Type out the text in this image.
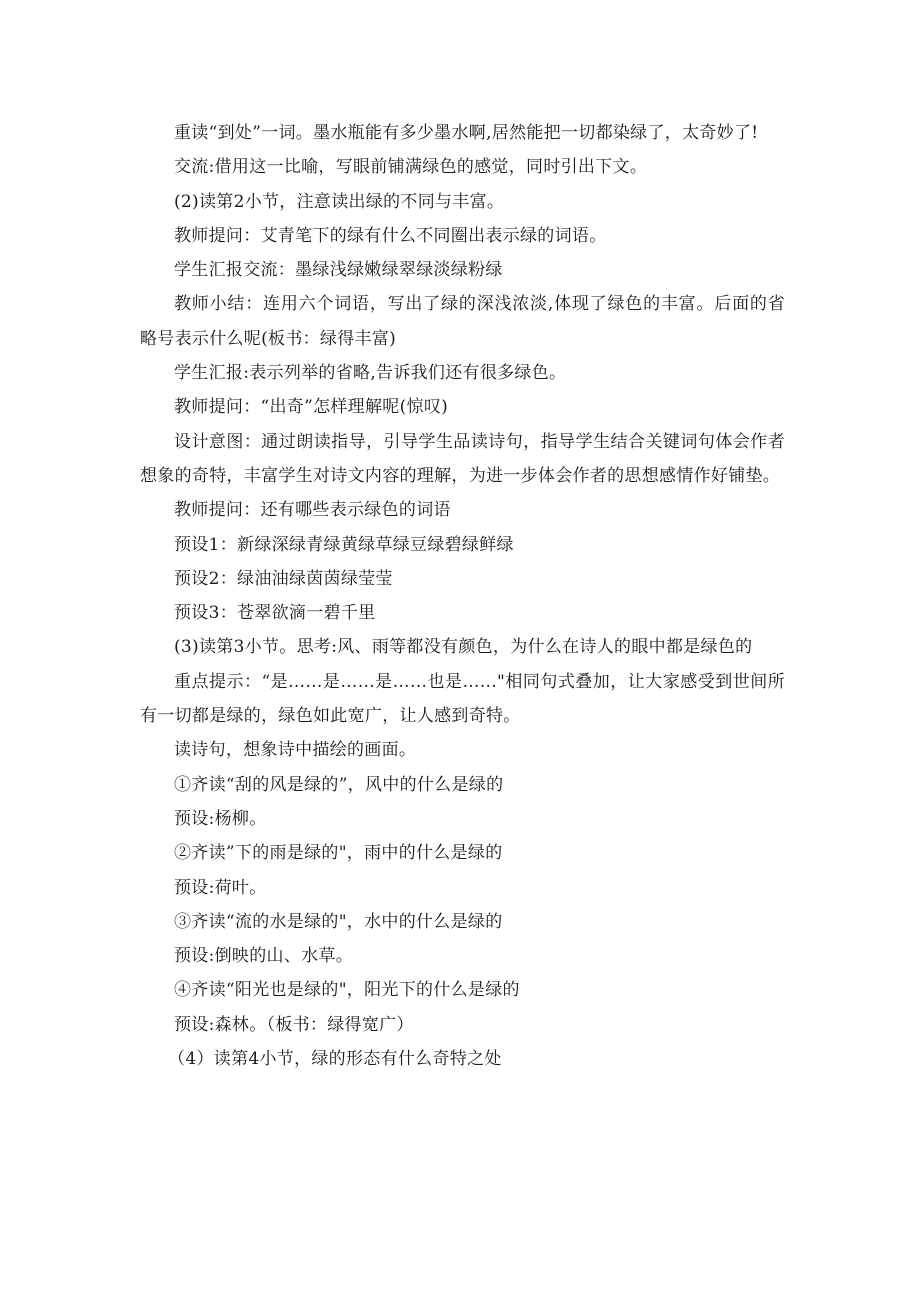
重读“到处”一词。墨水瓶能有多少墨水啊,居然能把一切都染绿了，太奇妙了!

交流:借用这一比喻，写眼前铺满绿色的感觉，同时引出下文。

(2)读第2小节，注意读出绿的不同与丰富。

教师提问：艾青笔下的绿有什么不同圈出表示绿的词语。

学生汇报交流：墨绿浅绿嫩绿翠绿淡绿粉绿

教师小结：连用六个词语，写出了绿的深浅浓淡,体现了绿色的丰富。后面的省略号表示什么呢(板书：绿得丰富)

学生汇报:表示列举的省略,告诉我们还有很多绿色。

教师提问：“出奇”怎样理解呢(惊叹)

设计意图：通过朗读指导，引导学生品读诗句，指导学生结合关键词句体会作者想象的奇特，丰富学生对诗文内容的理解，为进一步体会作者的思想感情作好铺垫。

教师提问：还有哪些表示绿色的词语

预设1：新绿深绿青绿黄绿草绿豆绿碧绿鲜绿

预设2：绿油油绿茵茵绿莹莹

预设3：苍翠欲滴一碧千里

(3)读第3小节。思考:风、雨等都没有颜色，为什么在诗人的眼中都是绿色的

重点提示：“是……是……是……也是……"相同句式叠加，让大家感受到世间所有一切都是绿的，绿色如此宽广，让人感到奇特。

读诗句，想象诗中描绘的画面。

①齐读“刮的风是绿的”，风中的什么是绿的

预设:杨柳。

②齐读”下的雨是绿的"，雨中的什么是绿的

预设:荷叶。

③齐读“流的水是绿的"，水中的什么是绿的

预设:倒映的山、水草。

④齐读“阳光也是绿的"，阳光下的什么是绿的

预设:森林。（板书：绿得宽广）

（4）读第4小节，绿的形态有什么奇特之处
